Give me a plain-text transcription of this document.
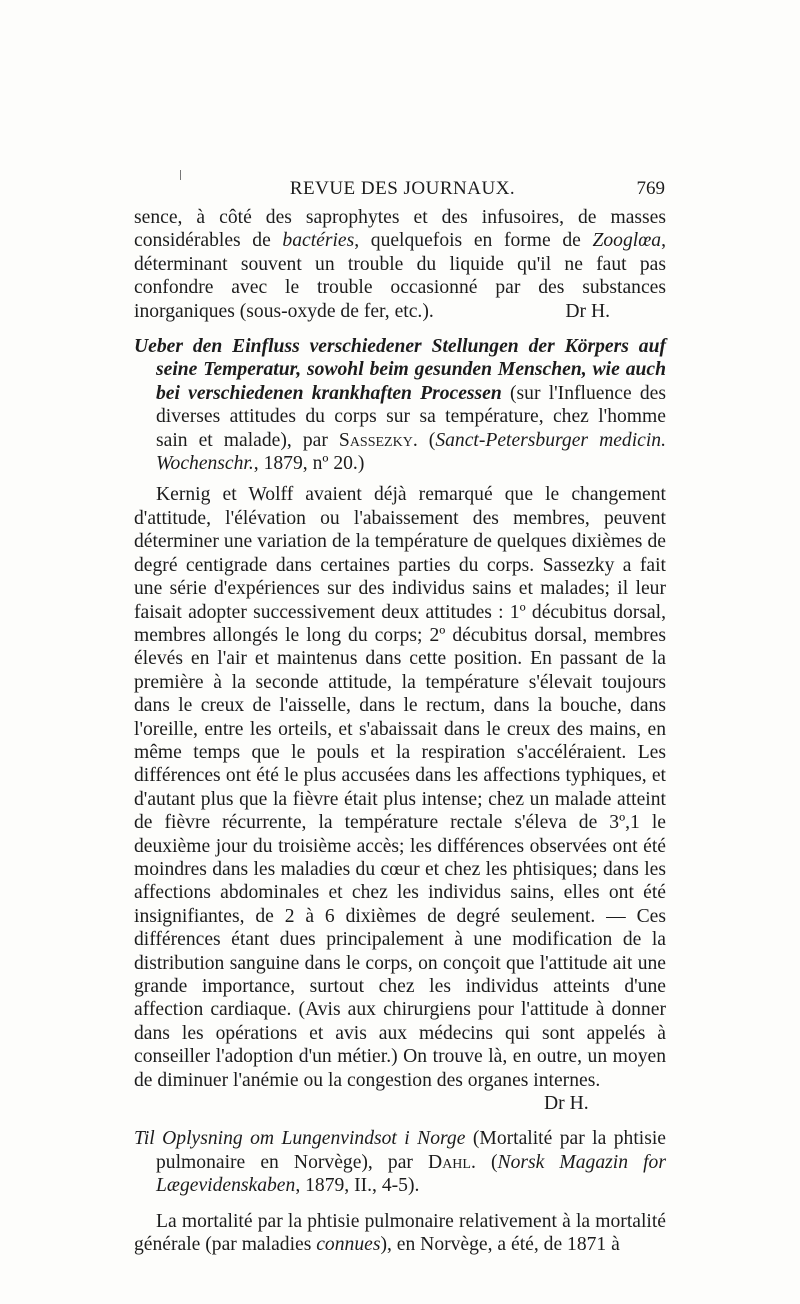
REVUE DES JOURNAUX.	769

sence, à côté des saprophytes et des infusoires, de masses considérables de bactéries, quelquefois en forme de Zooglœa, déterminant souvent un trouble du liquide qu'il ne faut pas confondre avec le trouble occasionné par des substances inorganiques (sous-oxyde de fer, etc.).	Dr H.

Ueber den Einfluss verschiedener Stellungen der Körpers auf seine Temperatur, sowohl beim gesunden Menschen, wie auch bei verschiedenen krankhaften Processen (sur l'Influence des diverses attitudes du corps sur sa température, chez l'homme sain et malade), par Sassezky. (Sanct-Petersburger medicin. Wochenschr., 1879, nº 20.)

Kernig et Wolff avaient déjà remarqué que le changement d'attitude, l'élévation ou l'abaissement des membres, peuvent déterminer une variation de la température de quelques dixièmes de degré centigrade dans certaines parties du corps. Sassezky a fait une série d'expériences sur des individus sains et malades; il leur faisait adopter successivement deux attitudes : 1º décubitus dorsal, membres allongés le long du corps; 2º décubitus dorsal, membres élevés en l'air et maintenus dans cette position. En passant de la première à la seconde attitude, la température s'élevait toujours dans le creux de l'aisselle, dans le rectum, dans la bouche, dans l'oreille, entre les orteils, et s'abaissait dans le creux des mains, en même temps que le pouls et la respiration s'accéléraient. Les différences ont été le plus accusées dans les affections typhiques, et d'autant plus que la fièvre était plus intense; chez un malade atteint de fièvre récurrente, la température rectale s'éleva de 3º,1 le deuxième jour du troisième accès; les différences observées ont été moindres dans les maladies du cœur et chez les phtisiques; dans les affections abdominales et chez les individus sains, elles ont été insignifiantes, de 2 à 6 dixièmes de degré seulement. — Ces différences étant dues principalement à une modification de la distribution sanguine dans le corps, on conçoit que l'attitude ait une grande importance, surtout chez les individus atteints d'une affection cardiaque. (Avis aux chirurgiens pour l'attitude à donner dans les opérations et avis aux médecins qui sont appelés à conseiller l'adoption d'un métier.) On trouve là, en outre, un moyen de diminuer l'anémie ou la congestion des organes internes.

Dr H.

Til Oplysning om Lungenvindsot i Norge (Mortalité par la phtisie pulmonaire en Norvège), par Dahl. (Norsk Magazin for Lægevidenskaben, 1879, II., 4-5).

La mortalité par la phtisie pulmonaire relativement à la mortalité générale (par maladies connues), en Norvège, a été, de 1871 à
